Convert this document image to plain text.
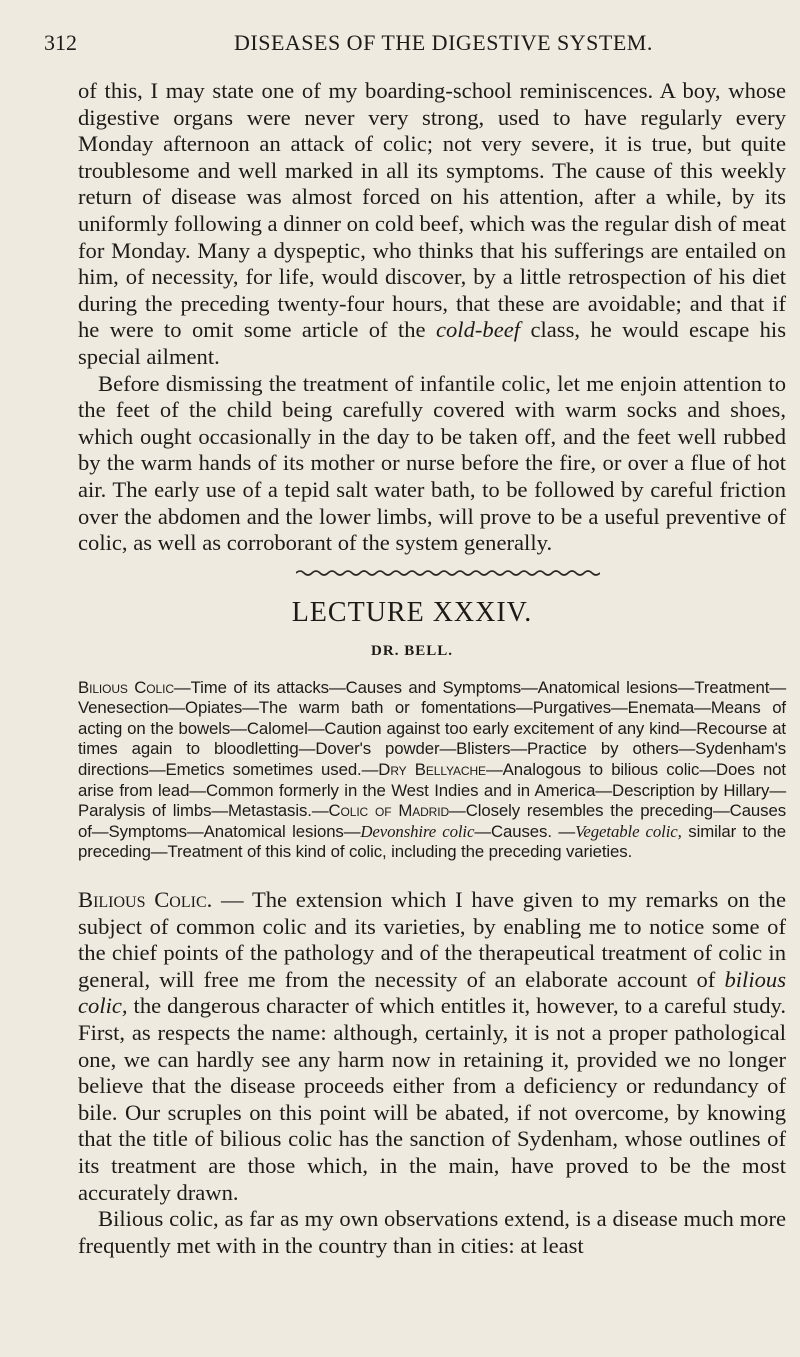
312	DISEASES OF THE DIGESTIVE SYSTEM.

of this, I may state one of my boarding-school reminiscences. A boy, whose digestive organs were never very strong, used to have regularly every Monday afternoon an attack of colic; not very severe, it is true, but quite troublesome and well marked in all its symptoms. The cause of this weekly return of disease was almost forced on his attention, after a while, by its uniformly following a dinner on cold beef, which was the regular dish of meat for Monday. Many a dyspeptic, who thinks that his sufferings are entailed on him, of necessity, for life, would discover, by a little retrospection of his diet during the preceding twenty-four hours, that these are avoidable; and that if he were to omit some article of the cold-beef class, he would escape his special ailment.

Before dismissing the treatment of infantile colic, let me enjoin attention to the feet of the child being carefully covered with warm socks and shoes, which ought occasionally in the day to be taken off, and the feet well rubbed by the warm hands of its mother or nurse before the fire, or over a flue of hot air. The early use of a tepid salt water bath, to be followed by careful friction over the abdomen and the lower limbs, will prove to be a useful preventive of colic, as well as corroborant of the system generally.

LECTURE XXXIV.
DR. BELL.

Bilious Colic—Time of its attacks—Causes and Symptoms—Anatomical lesions—Treatment—Venesection—Opiates—The warm bath or fomentations—Purgatives—Enemata—Means of acting on the bowels—Calomel—Caution against too early excitement of any kind—Recourse at times again to bloodletting—Dover's powder—Blisters—Practice by others—Sydenham's directions—Emetics sometimes used.—Dry Bellyache—Analogous to bilious colic—Does not arise from lead—Common formerly in the West Indies and in America—Description by Hillary—Paralysis of limbs—Metastasis.—Colic of Madrid—Closely resembles the preceding—Causes of—Symptoms—Anatomical lesions—Devonshire colic—Causes. —Vegetable colic, similar to the preceding—Treatment of this kind of colic, including the preceding varieties.

Bilious Colic. — The extension which I have given to my remarks on the subject of common colic and its varieties, by enabling me to notice some of the chief points of the pathology and of the therapeutical treatment of colic in general, will free me from the necessity of an elaborate account of bilious colic, the dangerous character of which entitles it, however, to a careful study. First, as respects the name: although, certainly, it is not a proper pathological one, we can hardly see any harm now in retaining it, provided we no longer believe that the disease proceeds either from a deficiency or redundancy of bile. Our scruples on this point will be abated, if not overcome, by knowing that the title of bilious colic has the sanction of Sydenham, whose outlines of its treatment are those which, in the main, have proved to be the most accurately drawn.

Bilious colic, as far as my own observations extend, is a disease much more frequently met with in the country than in cities: at least
